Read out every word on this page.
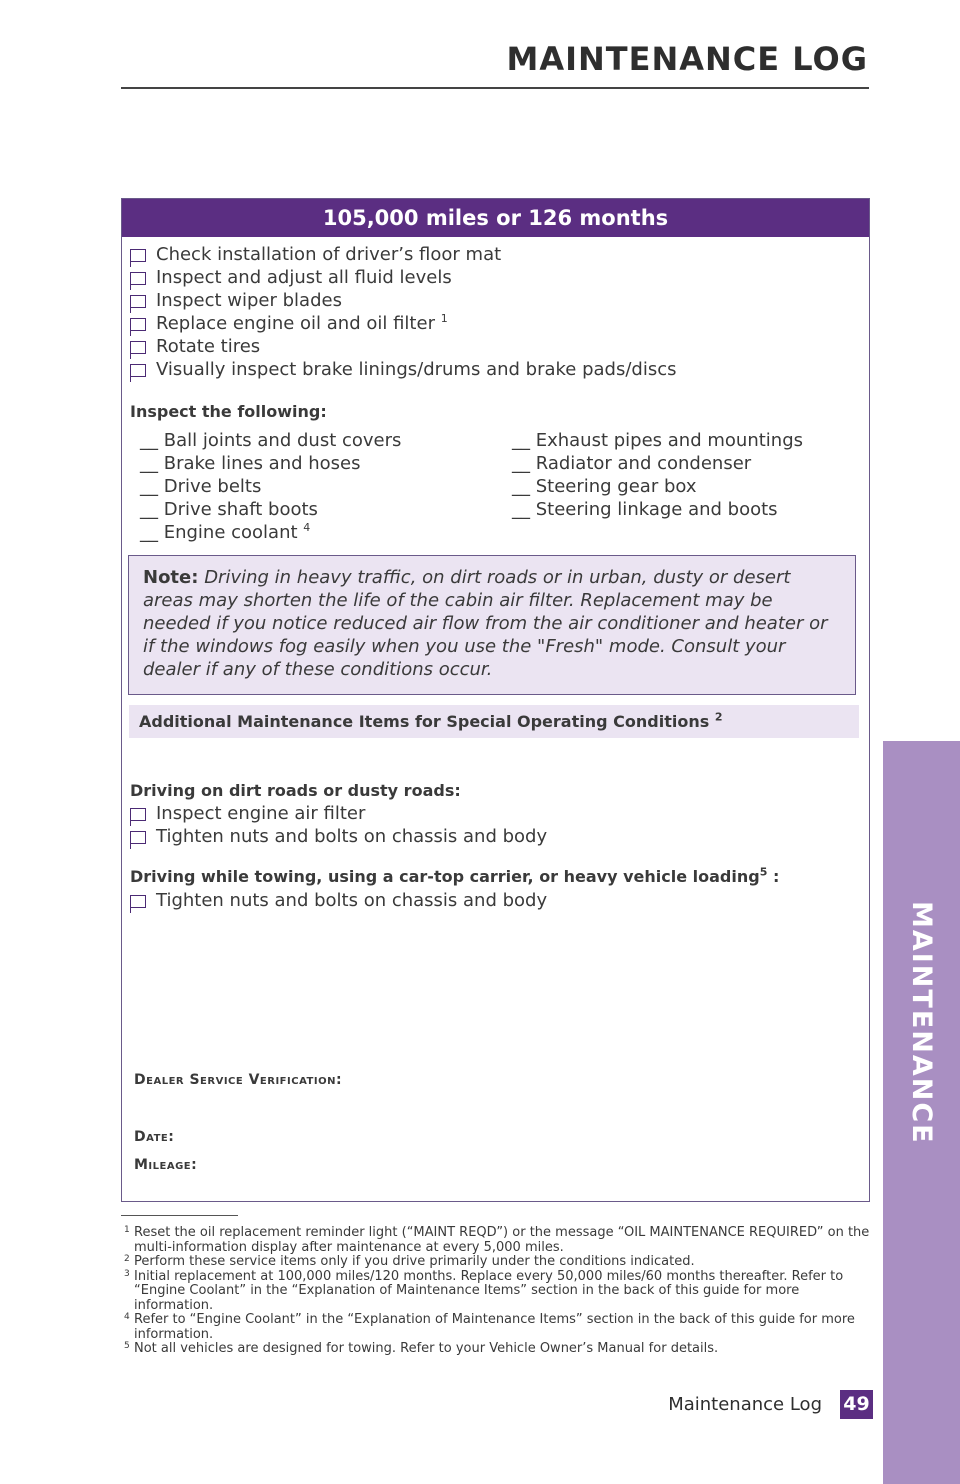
MAINTENANCE LOG
MAINTENANCE
105,000 miles or 126 months
Check installation of driver’s floor mat
Inspect and adjust all fluid levels
Inspect wiper blades
Replace engine oil and oil filter $^1$
Rotate tires
Visually inspect brake linings/drums and brake pads/discs
Inspect the following:
__ Ball joints and dust covers
__ Brake lines and hoses
__ Drive belts
__ Drive shaft boots
__ Engine coolant $^4$
__ Exhaust pipes and mountings
__ Radiator and condenser
__ Steering gear box
__ Steering linkage and boots
Note: Driving in heavy traffic, on dirt roads or in urban, dusty or desert areas may shorten the life of the cabin air filter. Replacement may be needed if you notice reduced air flow from the air conditioner and heater or if the windows fog easily when you use the "Fresh" mode. Consult your dealer if any of these conditions occur.
Additional Maintenance Items for Special Operating Conditions $^2$
Driving on dirt roads or dusty roads:
Inspect engine air filter
Tighten nuts and bolts on chassis and body
Driving while towing, using a car-top carrier, or heavy vehicle loading$^5$ :
Tighten nuts and bolts on chassis and body
Dealer Service Verification:
Date:
Mileage:
1 Reset the oil replacement reminder light (“MAINT REQD”) or the message “OIL MAINTENANCE REQUIRED” on the multi-information display after maintenance at every 5,000 miles.
2 Perform these service items only if you drive primarily under the conditions indicated.
3 Initial replacement at 100,000 miles/120 months. Replace every 50,000 miles/60 months thereafter. Refer to “Engine Coolant” in the “Explanation of Maintenance Items” section in the back of this guide for more information.
4 Refer to “Engine Coolant” in the “Explanation of Maintenance Items” section in the back of this guide for more information.
5 Not all vehicles are designed for towing. Refer to your Vehicle Owner’s Manual for details.
Maintenance Log 49
